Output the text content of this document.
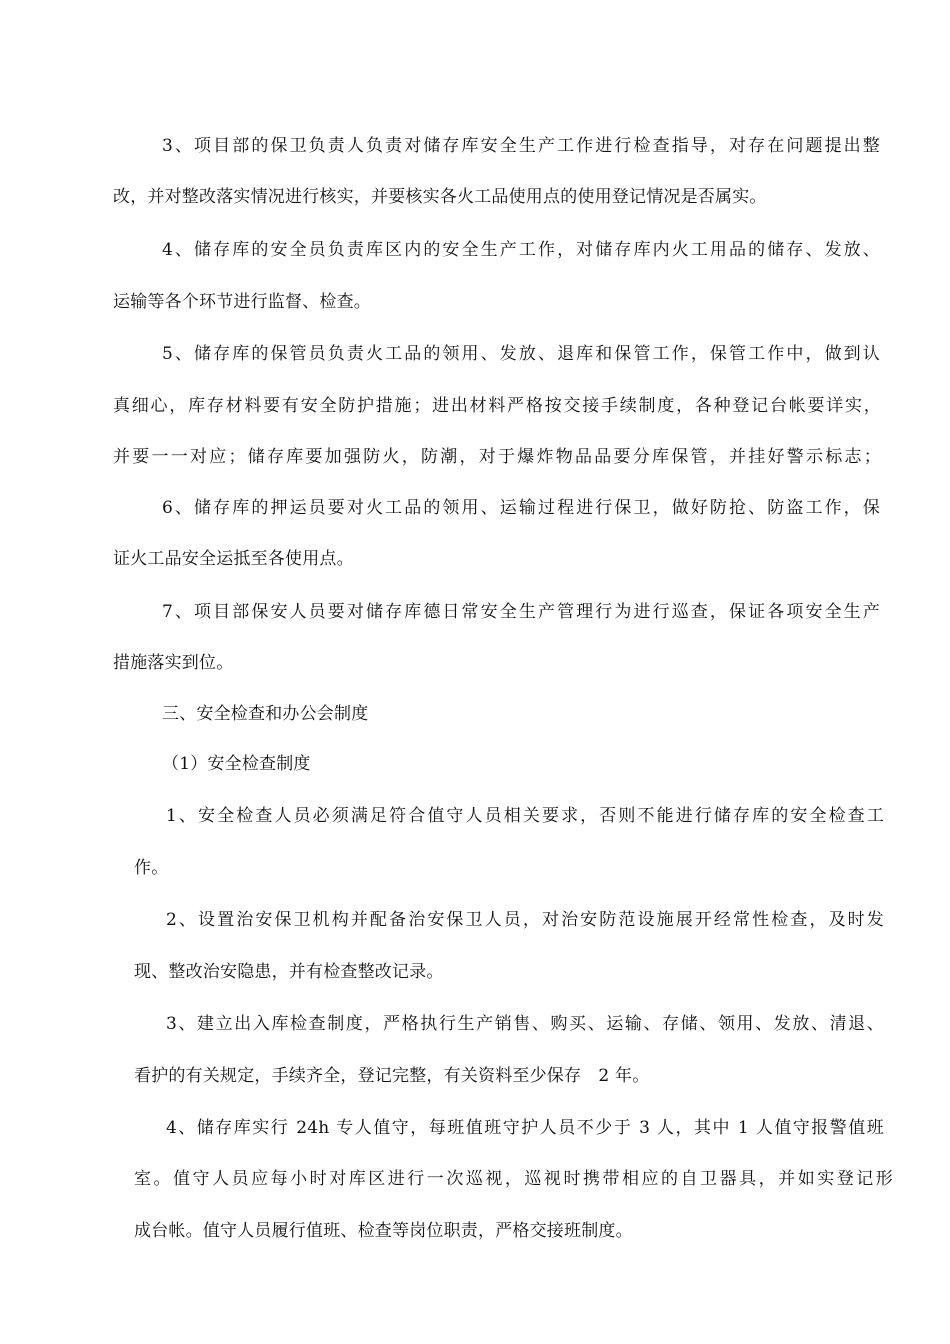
3、项目部的保卫负责人负责对储存库安全生产工作进行检查指导，对存在问题提出整
改，并对整改落实情况进行核实，并要核实各火工品使用点的使用登记情况是否属实。
4、储存库的安全员负责库区内的安全生产工作，对储存库内火工用品的储存、发放、
运输等各个环节进行监督、检查。
5、储存库的保管员负责火工品的领用、发放、退库和保管工作，保管工作中，做到认
真细心，库存材料要有安全防护措施；进出材料严格按交接手续制度，各种登记台帐要详实，
并要一一对应；储存库要加强防火，防潮，对于爆炸物品品要分库保管，并挂好警示标志；
6、储存库的押运员要对火工品的领用、运输过程进行保卫，做好防抢、防盗工作，保
证火工品安全运抵至各使用点。
7、项目部保安人员要对储存库德日常安全生产管理行为进行巡查，保证各项安全生产
措施落实到位。
三、安全检查和办公会制度
（1）安全检查制度
1、安全检查人员必须满足符合值守人员相关要求，否则不能进行储存库的安全检查工
作。
2、设置治安保卫机构并配备治安保卫人员，对治安防范设施展开经常性检查，及时发
现、整改治安隐患，并有检查整改记录。
3、建立出入库检查制度，严格执行生产销售、购买、运输、存储、领用、发放、清退、
看护的有关规定，手续齐全，登记完整，有关资料至少保存　2 年。
4、储存库实行 24h 专人值守，每班值班守护人员不少于 3 人，其中 1 人值守报警值班
室。值守人员应每小时对库区进行一次巡视，巡视时携带相应的自卫器具，并如实登记形
成台帐。值守人员履行值班、检查等岗位职责，严格交接班制度。
